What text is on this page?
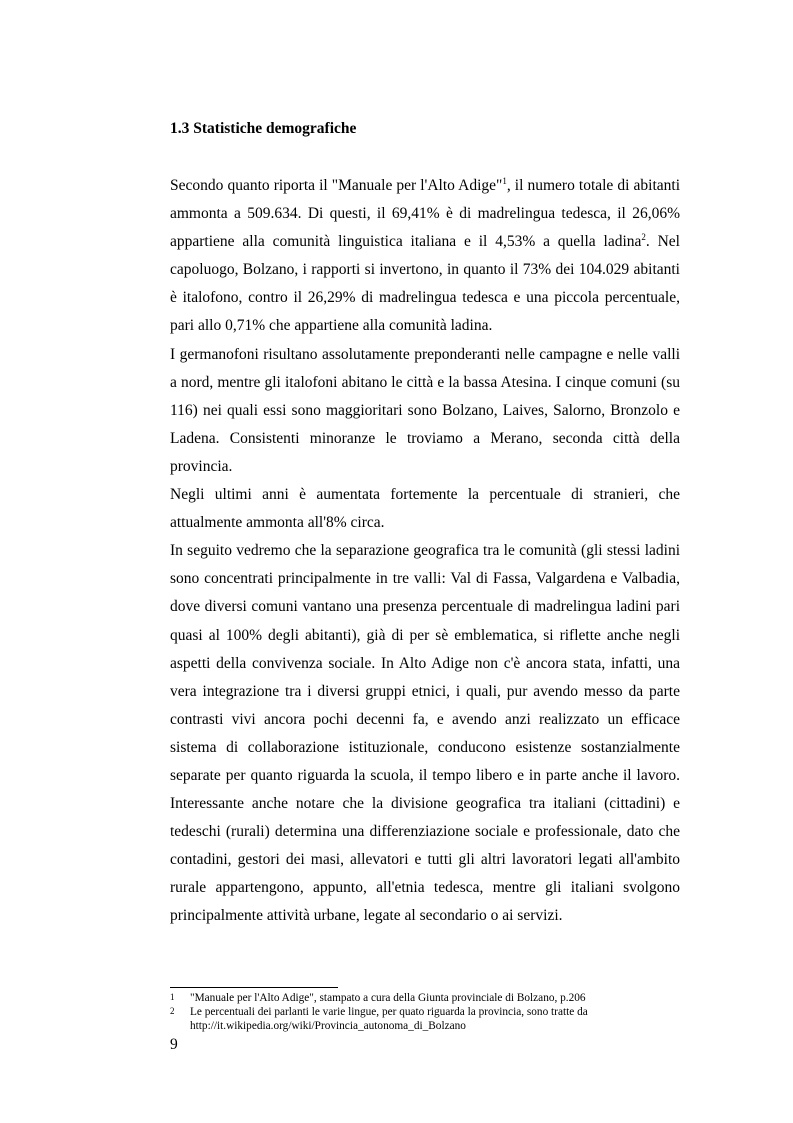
1.3 Statistiche demografiche

Secondo quanto riporta il "Manuale per l'Alto Adige"$^1$, il numero totale di abitanti ammonta a 509.634. Di questi, il 69,41% è di madrelingua tedesca, il 26,06% appartiene alla comunità linguistica italiana e il 4,53% a quella ladina$^2$. Nel capoluogo, Bolzano, i rapporti si invertono, in quanto il 73% dei 104.029 abitanti è italofono, contro il 26,29% di madrelingua tedesca e una piccola percentuale, pari allo 0,71% che appartiene alla comunità ladina.

I germanofoni risultano assolutamente preponderanti nelle campagne e nelle valli a nord, mentre gli italofoni abitano le città e la bassa Atesina. I cinque comuni (su 116) nei quali essi sono maggioritari sono Bolzano, Laives, Salorno, Bronzolo e Ladena. Consistenti minoranze le troviamo a Merano, seconda città della provincia.

Negli ultimi anni è aumentata fortemente la percentuale di stranieri, che attualmente ammonta all'8% circa.

In seguito vedremo che la separazione geografica tra le comunità (gli stessi ladini sono concentrati principalmente in tre valli: Val di Fassa, Valgardena e Valbadia, dove diversi comuni vantano una presenza percentuale di madrelingua ladini pari quasi al 100% degli abitanti), già di per sè emblematica, si riflette anche negli aspetti della convivenza sociale. In Alto Adige non c'è ancora stata, infatti, una vera integrazione tra i diversi gruppi etnici, i quali, pur avendo messo da parte contrasti vivi ancora pochi decenni fa, e avendo anzi realizzato un efficace sistema di collaborazione istituzionale, conducono esistenze sostanzialmente separate per quanto riguarda la scuola, il tempo libero e in parte anche il lavoro. Interessante anche notare che la divisione geografica tra italiani (cittadini) e tedeschi (rurali) determina una differenziazione sociale e professionale, dato che contadini, gestori dei masi, allevatori e tutti gli altri lavoratori legati all'ambito rurale appartengono, appunto, all'etnia tedesca, mentre gli italiani svolgono principalmente attività urbane, legate al secondario o ai servizi.

1	"Manuale per l'Alto Adige", stampato a cura della Giunta provinciale di Bolzano, p.206
2	Le percentuali dei parlanti le varie lingue, per quato riguarda la provincia, sono tratte da http://it.wikipedia.org/wiki/Provincia_autonoma_di_Bolzano
9
